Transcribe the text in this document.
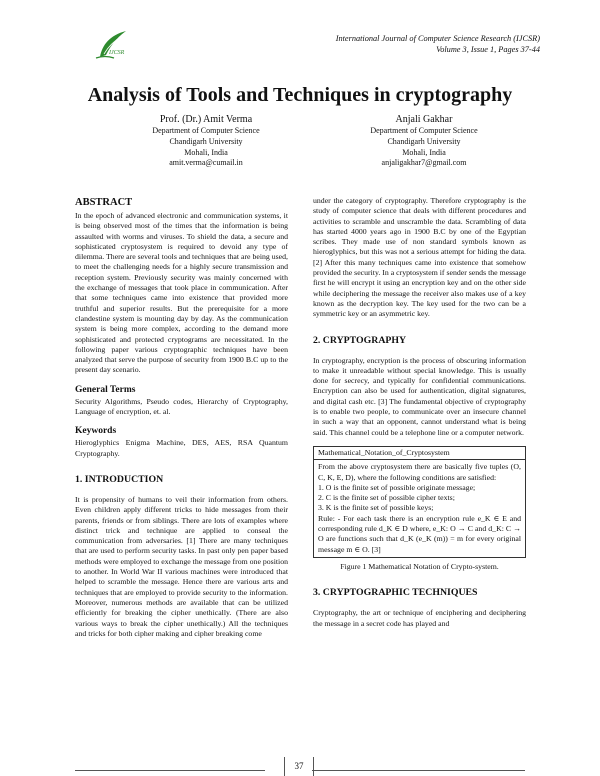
IJCSR
International Journal of Computer Science Research (IJCSR)
Volume 3, Issue 1, Pages 37-44
Analysis of Tools and Techniques in cryptography
Prof. (Dr.) Amit Verma
Department of Computer Science
Chandigarh University
Mohali, India
amit.verma@cumail.in
Anjali Gakhar
Department of Computer Science
Chandigarh University
Mohali, India
anjaligakhar7@gmail.com
ABSTRACT

In the epoch of advanced electronic and communication systems, it is being observed most of the times that the information is being assaulted with worms and viruses. To shield the data, a secure and sophisticated cryptosystem is required to devoid any type of dilemma. There are several tools and techniques that are being used, to meet the challenging needs for a highly secure transmission and reception system. Previously security was mainly concerned with the exchange of messages that took place in communication. After that some techniques came into existence that provided more truthful and superior results. But the prerequisite for a more clandestine system is mounting day by day. As the communication system is being more complex, according to the demand more sophisticated and protected cryptograms are necessitated. In the following paper various cryptographic techniques have been analyzed that serve the purpose of security from 1900 B.C up to the present day scenario.

General Terms

Security Algorithms, Pseudo codes, Hierarchy of Cryptography, Language of encryption, et. al.

Keywords

Hieroglyphics Enigma Machine, DES, AES, RSA Quantum Cryptography.

1. INTRODUCTION

It is propensity of humans to veil their information from others. Even children apply different tricks to hide messages from their parents, friends or from siblings. There are lots of examples where distinct trick and technique are applied to conseal the communication from adversaries. [1] There are many techniques that are used to perform security tasks. In past only pen paper based methods were employed to exchange the message from one position to another. In World War II various machines were introduced that helped to scramble the message. Hence there are various arts and techniques that are employed to provide security to the information. Moreover, numerous methods are available that can be utilized efficiently for breaking the cipher unethically. (There are also various ways to break the cipher unethically.) All the techniques and tricks for both cipher making and cipher breaking come

under the category of cryptography. Therefore cryptography is the study of computer science that deals with different procedures and activities to scramble and unscramble the data. Scrambling of data has started 4000 years ago in 1900 B.C by one of the Egyptian scribes. They made use of non standard symbols known as hieroglyphics, but this was not a serious attempt for hiding the data. [2] After this many techniques came into existence that somehow provided the security. In a cryptosystem if sender sends the message first he will encrypt it using an encryption key and on the other side while deciphering the message the receiver also makes use of a key known as the decryption key. The key used for the two can be a symmetric key or an asymmetric key.

2. CRYPTOGRAPHY

In cryptography, encryption is the process of obscuring information to make it unreadable without special knowledge. This is usually done for secrecy, and typically for confidential communications. Encryption can also be used for authentication, digital signatures, and digital cash etc. [3] The fundamental objective of cryptography is to enable two people, to communicate over an insecure channel in such a way that an opponent, cannot understand what is being said. This channel could be a telephone line or a computer network.

Mathematical_Notation_of_Cryptosystem
From the above cryptosystem there are basically five tuples (O, C, K, E, D), where the following conditions are satisfied:
1. O is the finite set of possible originate message;
2. C is the finite set of possible cipher texts;
3. K is the finite set of possible keys;
Rule: - For each task there is an encryption rule e_K ∈ E and corresponding rule d_K ∈ D where, e_K: O → C and d_K: C → O are functions such that d_K (e_K (m)) = m for every original message m ∈ O. [3]
Figure 1 Mathematical Notation of Crypto-system.
3. CRYPTOGRAPHIC TECHNIQUES

Cryptography, the art or technique of enciphering and deciphering the message in a secret code has played and

37
